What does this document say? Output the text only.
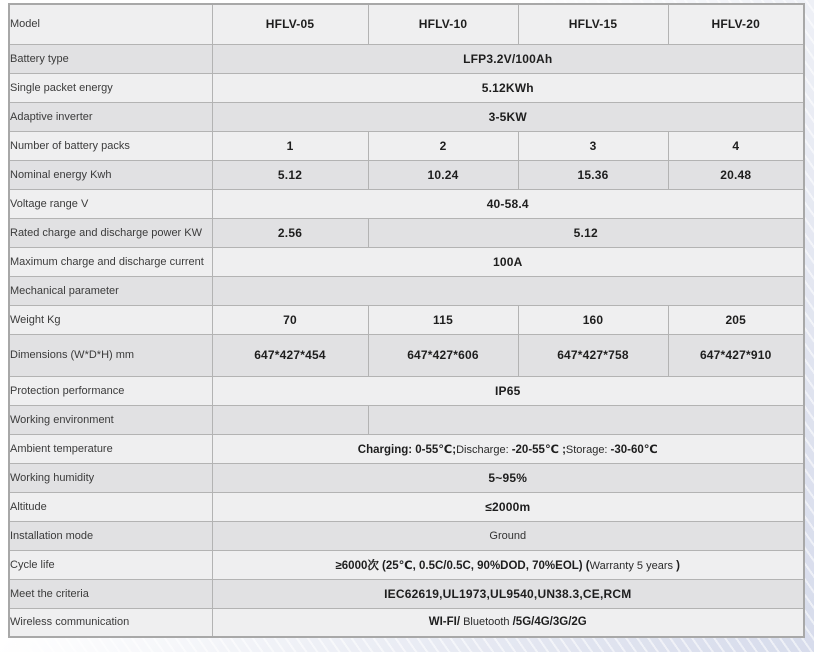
Model	HFLV-05	HFLV-10	HFLV-15	HFLV-20
Battery type	LFP3.2V/100Ah			
Single packet energy	5.12KWh			
Adaptive inverter	3-5KW			
Number of battery packs	1	2	3	4
Nominal energy Kwh	5.12	10.24	15.36	20.48
Voltage range V	40-58.4			
Rated charge and discharge power KW	2.56	5.12		
Maximum charge and discharge current	100A			
Mechanical parameter				
Weight Kg	70	115	160	205
Dimensions (W*D*H) mm	647*427*454	647*427*606	647*427*758	647*427*910
Protection performance	IP65			
Working environment				
Ambient temperature	Charging: 0-55℃;Discharge: -20-55℃ ;Storage: -30-60℃			
Working humidity	5~95%			
Altitude	≤2000m			
Installation mode	Ground			
Cycle life	≥6000次 (25℃, 0.5C/0.5C, 90%DOD, 70%EOL) (Warranty 5 years )			
Meet the criteria	IEC62619,UL1973,UL9540,UN38.3,CE,RCM			
Wireless communication	WI-FI/ Bluetooth /5G/4G/3G/2G			
